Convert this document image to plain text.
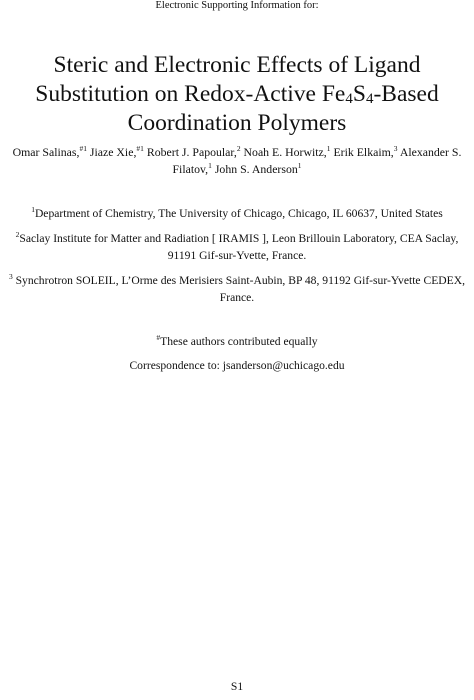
Electronic Supporting Information for:
Steric and Electronic Effects of Ligand Substitution on Redox-Active $Fe_4S_4$-Based Coordination Polymers
Omar Salinas,$^{\#1}$ Jiaze Xie,$^{\#1}$ Robert J. Papoular,$^2$ Noah E. Horwitz,$^1$ Erik Elkaim,$^3$ Alexander S. Filatov,$^1$ John S. Anderson$^1$
$^1$Department of Chemistry, The University of Chicago, Chicago, IL 60637, United States
$^2$Saclay Institute for Matter and Radiation [ IRAMIS ], Leon Brillouin Laboratory, CEA Saclay, 91191 Gif-sur-Yvette, France.
$^3$ Synchrotron SOLEIL, L’Orme des Merisiers Saint-Aubin, BP 48, 91192 Gif-sur-Yvette CEDEX, France.
#These authors contributed equally
Correspondence to: jsanderson@uchicago.edu
S1
